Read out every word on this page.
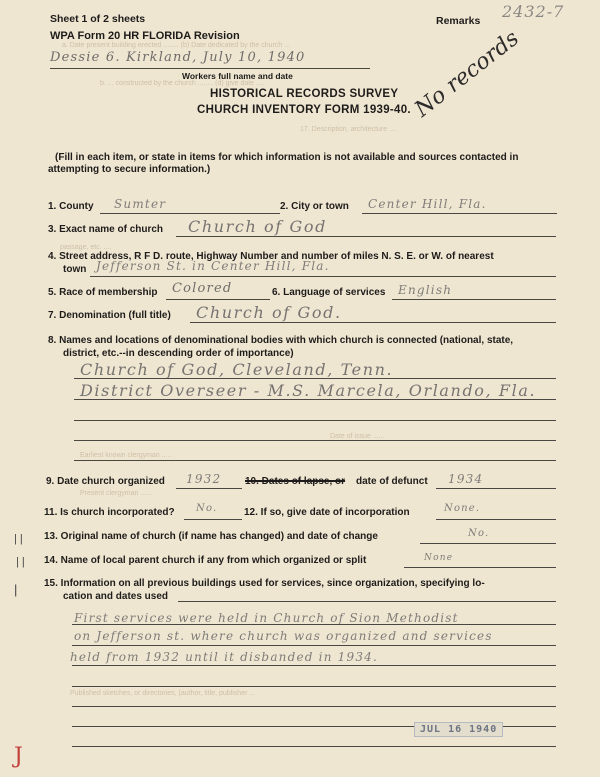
Sheet 1 of 2 sheets	Remarks 2432-7
WPA Form 20 HR FLORIDA Revision
Dessie 6. Kirkland, July 10, 1940
Workers full name and date
HISTORICAL RECORDS SURVEY
CHURCH INVENTORY FORM 1939-40. No records
a. Date present building erected ........ (b) Date dedicated by the church ...
b. ... constructed by the church ........ (d) give date ....
17. Description, architecture ....
passage, etc. ....
Date of issue ......
Earliest known clergyman .....
Present clergyman ......
Published sketches, or directories, (author, title, publisher ...
(Fill in each item, or state in items for which information is not available and sources contacted in
attempting to secure information.)
1. County Sumter	2. City or town Center Hill, Fla.
3. Exact name of church Church of God
4. Street address, R F D. route, Highway Number and number of miles N. S. E. or W. of nearest
town Jefferson St. in Center Hill, Fla.
5. Race of membership Colored	6. Language of services English
7. Denomination (full title) Church of God.
8. Names and locations of denominational bodies with which church is connected (national, state,
district, etc.--in descending order of importance)
Church of God, Cleveland, Tenn.
District Overseer - M.S. Marcela, Orlando, Fla.
9. Date church organized 1932 10. Dates of lapse, or date of defunct 1934
11. Is church incorporated? No.	12. If so, give date of incorporation	None.
| | 13. Original name of church (if name has changed) and date of change	No.
| | 14. Name of local parent church if any from which organized or split	None
|	15. Information on all previous buildings used for services, since organization, specifying lo-
cation and dates used
First services were held in Church of Sion Methodist
on Jefferson st. where church was organized and services
held from 1932 until it disbanded in 1934.
JUL 16 1940
J
